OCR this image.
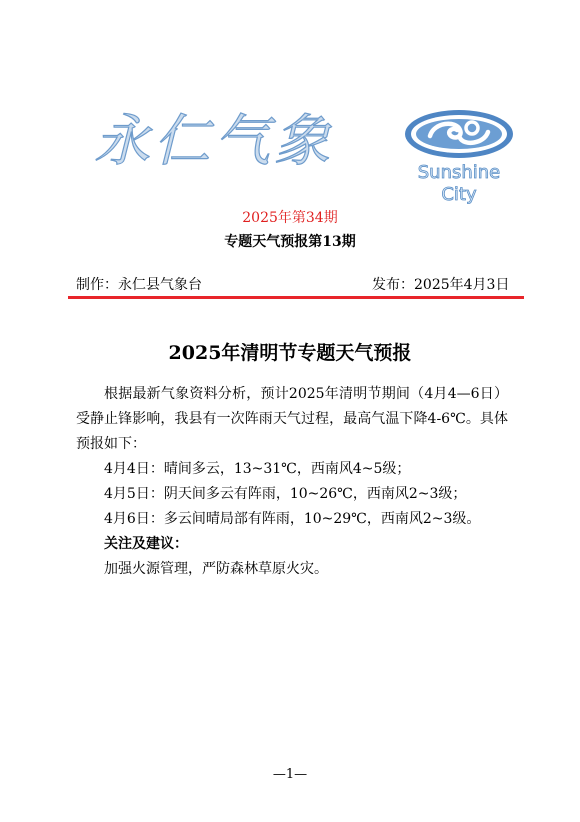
永仁气象	Sunshine City
2025年第34期
专题天气预报第13期
制作：永仁县气象台	发布：2025年4月3日
2025年清明节专题天气预报

根据最新气象资料分析，预计2025年清明节期间（4月4—6日）受静止锋影响，我县有一次阵雨天气过程，最高气温下降4-6℃。具体预报如下：

4月4日：晴间多云，13~31℃，西南风4~5级；

4月5日：阴天间多云有阵雨，10~26℃，西南风2~3级；

4月6日：多云间晴局部有阵雨，10~29℃，西南风2~3级。

关注及建议：

加强火源管理，严防森林草原火灾。

—1—
